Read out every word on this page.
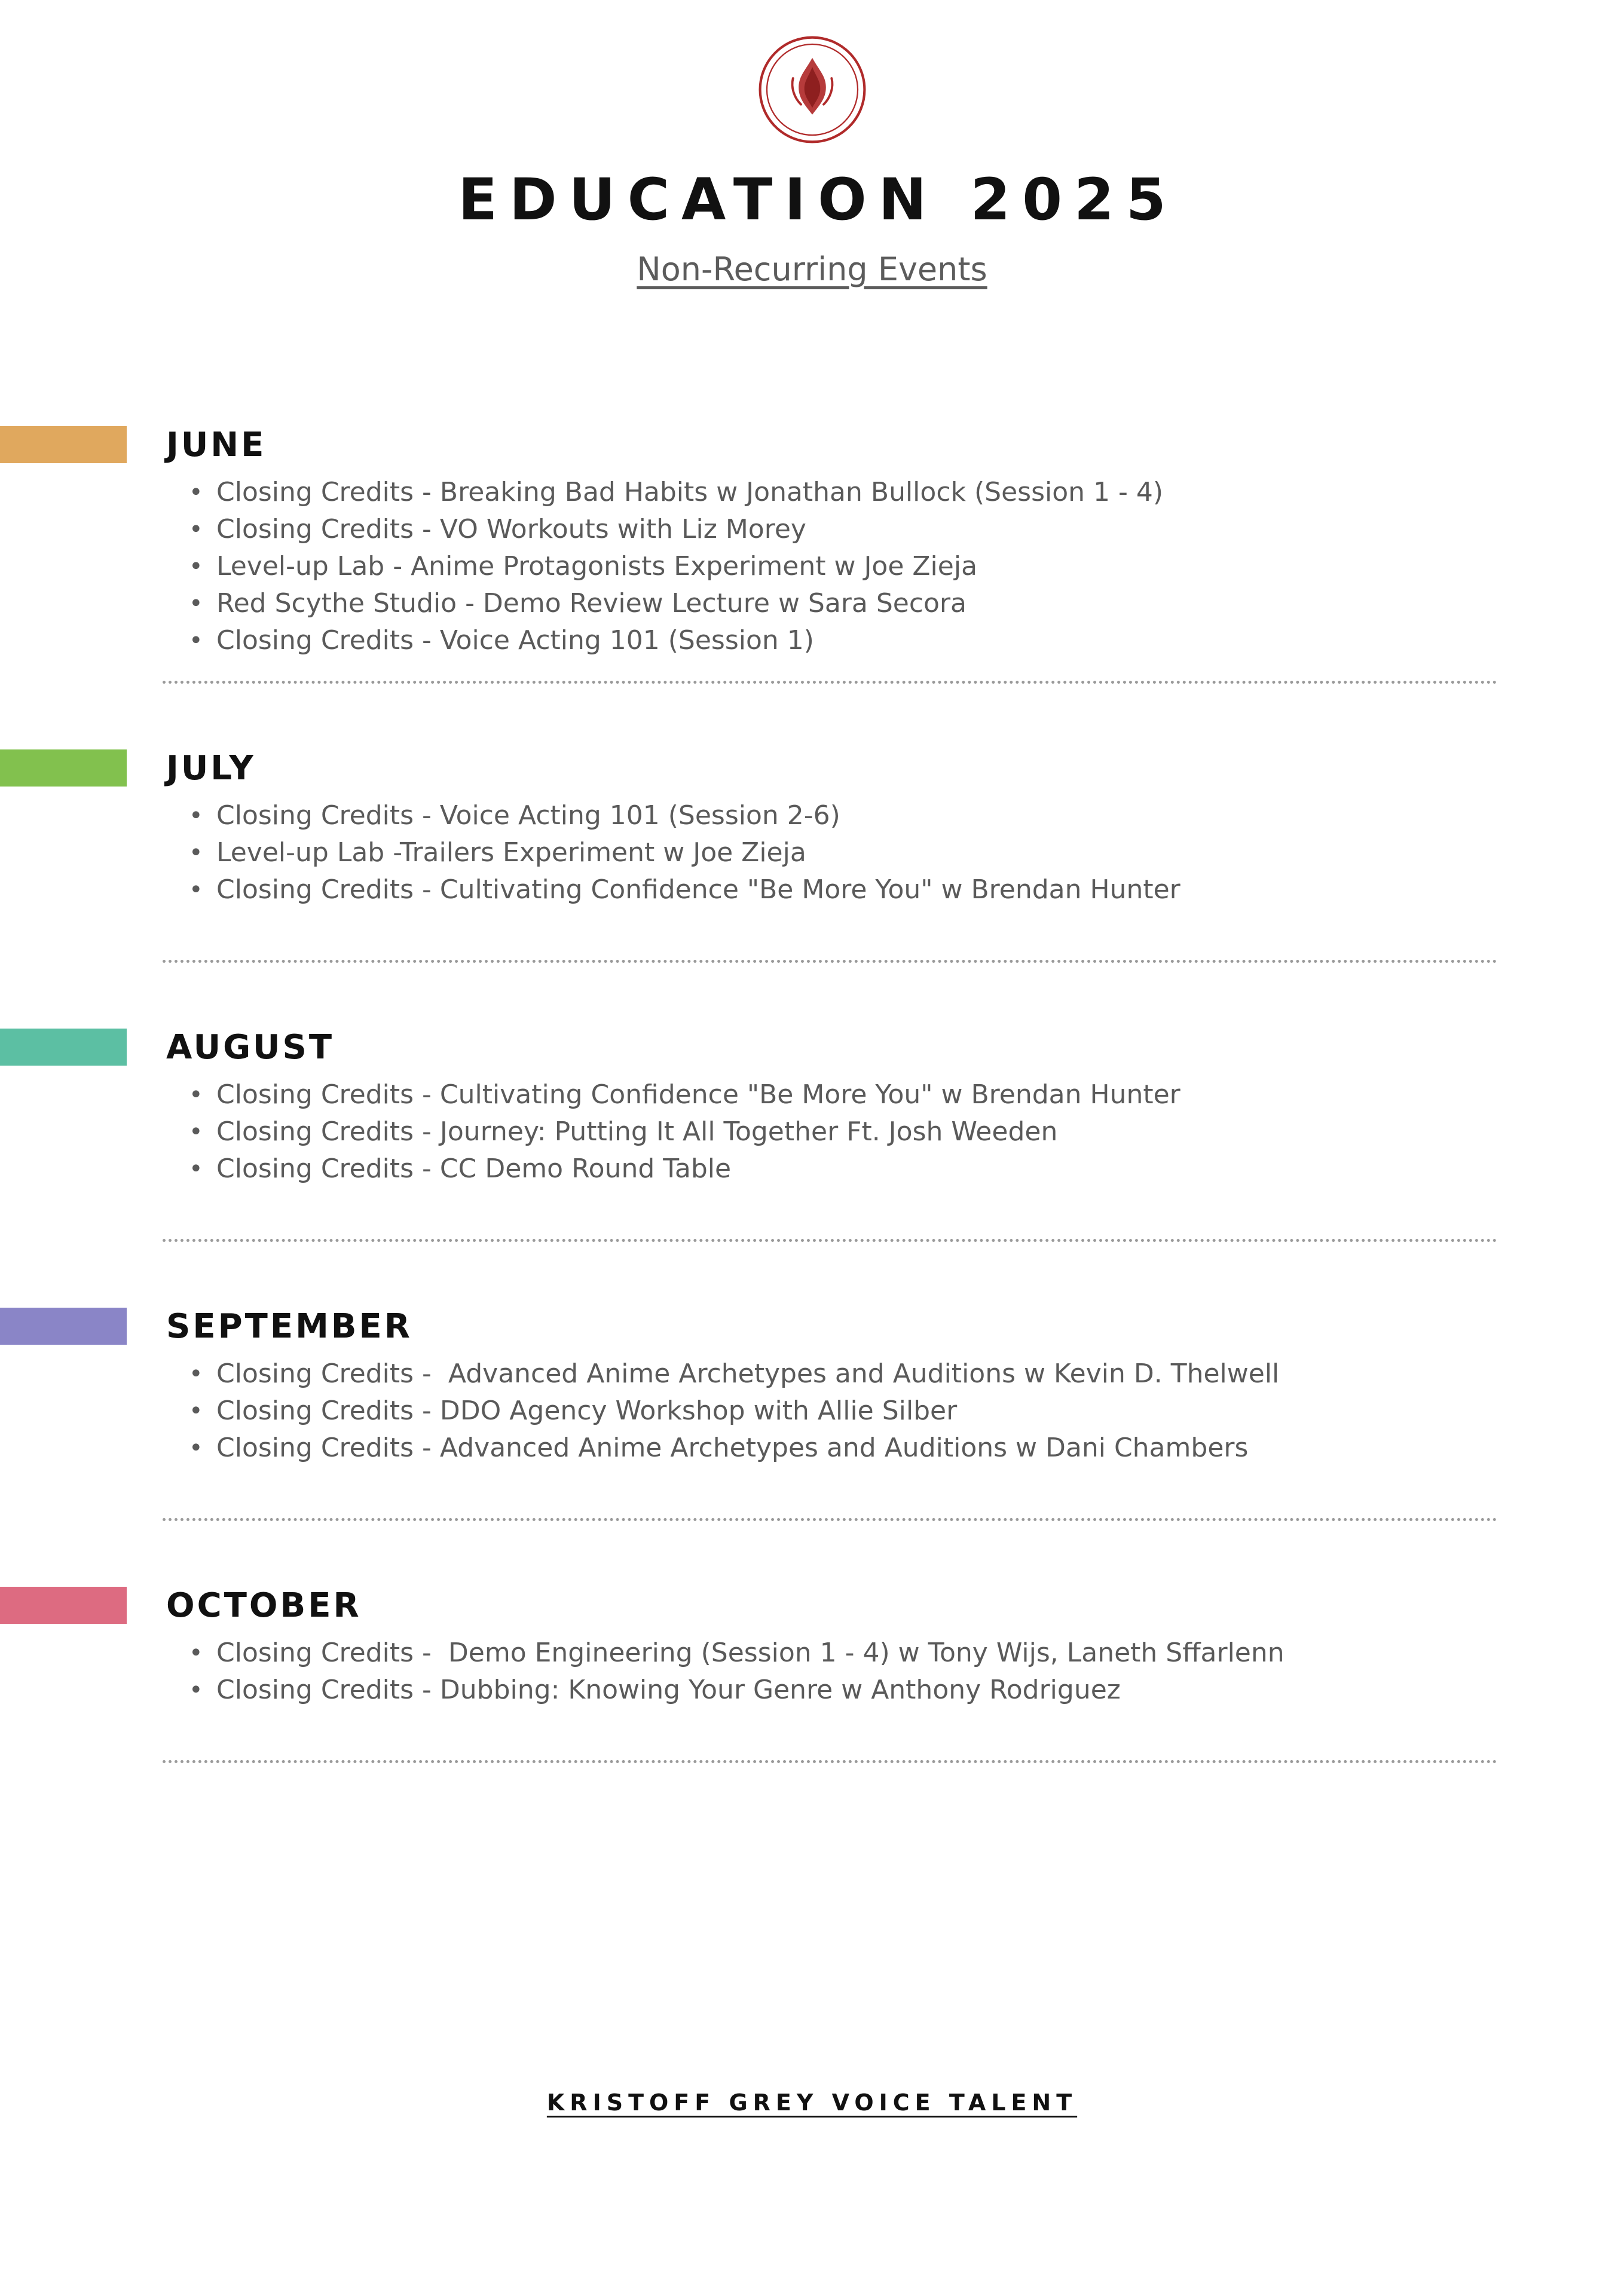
EDUCATION 2025
Non-Recurring Events
JUNE
• Closing Credits - Breaking Bad Habits w Jonathan Bullock (Session 1 - 4)
• Closing Credits - VO Workouts with Liz Morey
• Level-up Lab - Anime Protagonists Experiment w Joe Zieja
• Red Scythe Studio - Demo Review Lecture w Sara Secora
• Closing Credits - Voice Acting 101 (Session 1)
JULY
• Closing Credits - Voice Acting 101 (Session 2-6)
• Level-up Lab -Trailers Experiment w Joe Zieja
• Closing Credits - Cultivating Confidence "Be More You" w Brendan Hunter
AUGUST
• Closing Credits - Cultivating Confidence "Be More You" w Brendan Hunter
• Closing Credits - Journey: Putting It All Together Ft. Josh Weeden
• Closing Credits - CC Demo Round Table
SEPTEMBER
• Closing Credits -  Advanced Anime Archetypes and Auditions w Kevin D. Thelwell
• Closing Credits - DDO Agency Workshop with Allie Silber
• Closing Credits - Advanced Anime Archetypes and Auditions w Dani Chambers
OCTOBER
• Closing Credits -  Demo Engineering (Session 1 - 4) w Tony Wijs, Laneth Sffarlenn
• Closing Credits - Dubbing: Knowing Your Genre w Anthony Rodriguez
KRISTOFF GREY VOICE TALENT
